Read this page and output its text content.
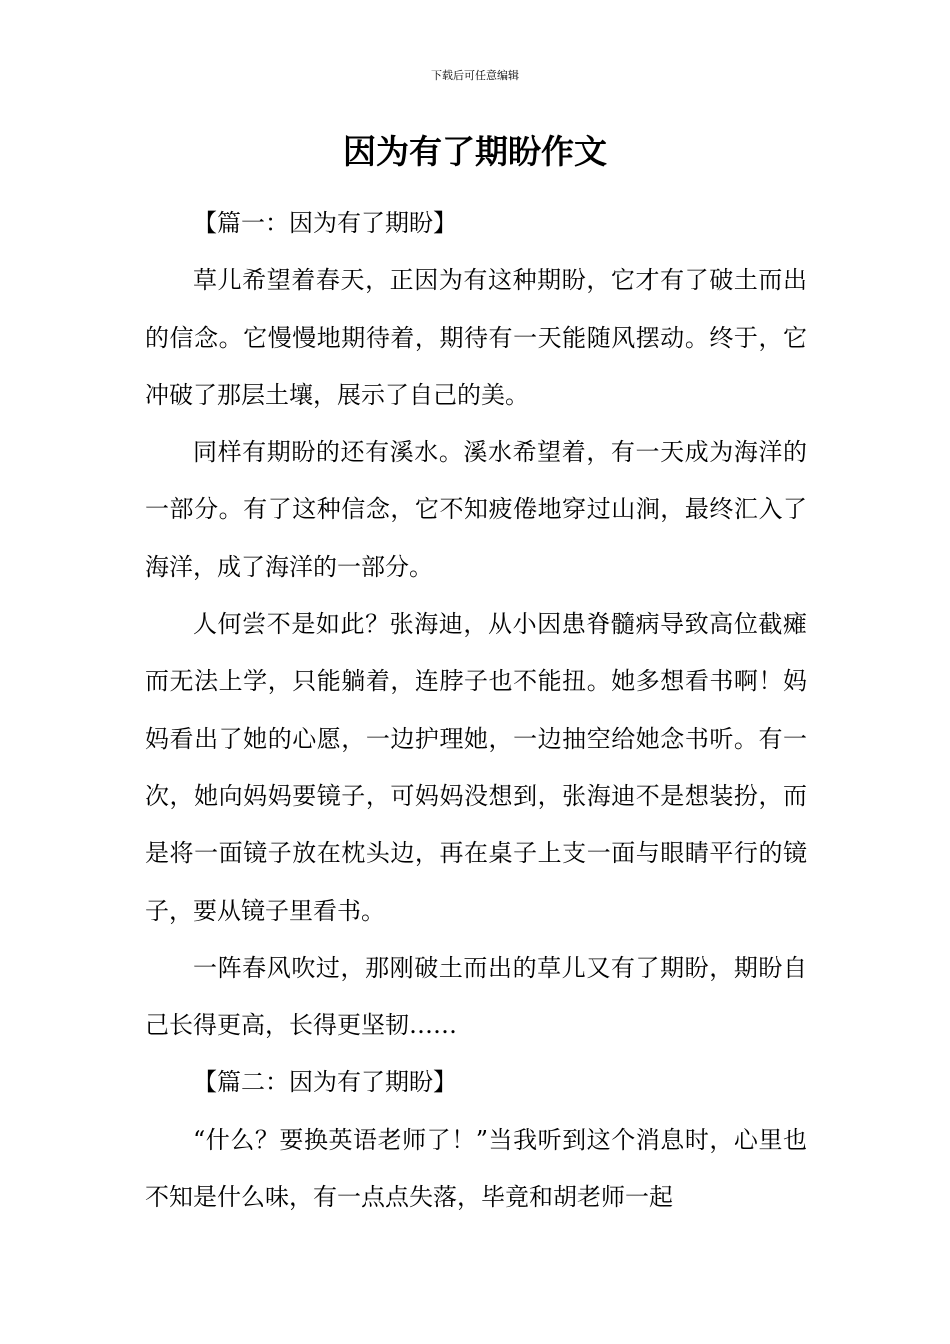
下载后可任意编辑
因为有了期盼作文

【篇一：因为有了期盼】

草儿希望着春天，正因为有这种期盼，它才有了破土而出的信念。它慢慢地期待着，期待有一天能随风摆动。终于，它冲破了那层土壤，展示了自己的美。

同样有期盼的还有溪水。溪水希望着，有一天成为海洋的一部分。有了这种信念，它不知疲倦地穿过山涧，最终汇入了海洋，成了海洋的一部分。

人何尝不是如此？张海迪，从小因患脊髓病导致高位截瘫而无法上学，只能躺着，连脖子也不能扭。她多想看书啊！妈妈看出了她的心愿，一边护理她，一边抽空给她念书听。有一次，她向妈妈要镜子，可妈妈没想到，张海迪不是想装扮，而是将一面镜子放在枕头边，再在桌子上支一面与眼睛平行的镜子，要从镜子里看书。

一阵春风吹过，那刚破土而出的草儿又有了期盼，期盼自己长得更高，长得更坚韧……

【篇二：因为有了期盼】

“什么？要换英语老师了！”当我听到这个消息时，心里也不知是什么味，有一点点失落，毕竟和胡老师一起
